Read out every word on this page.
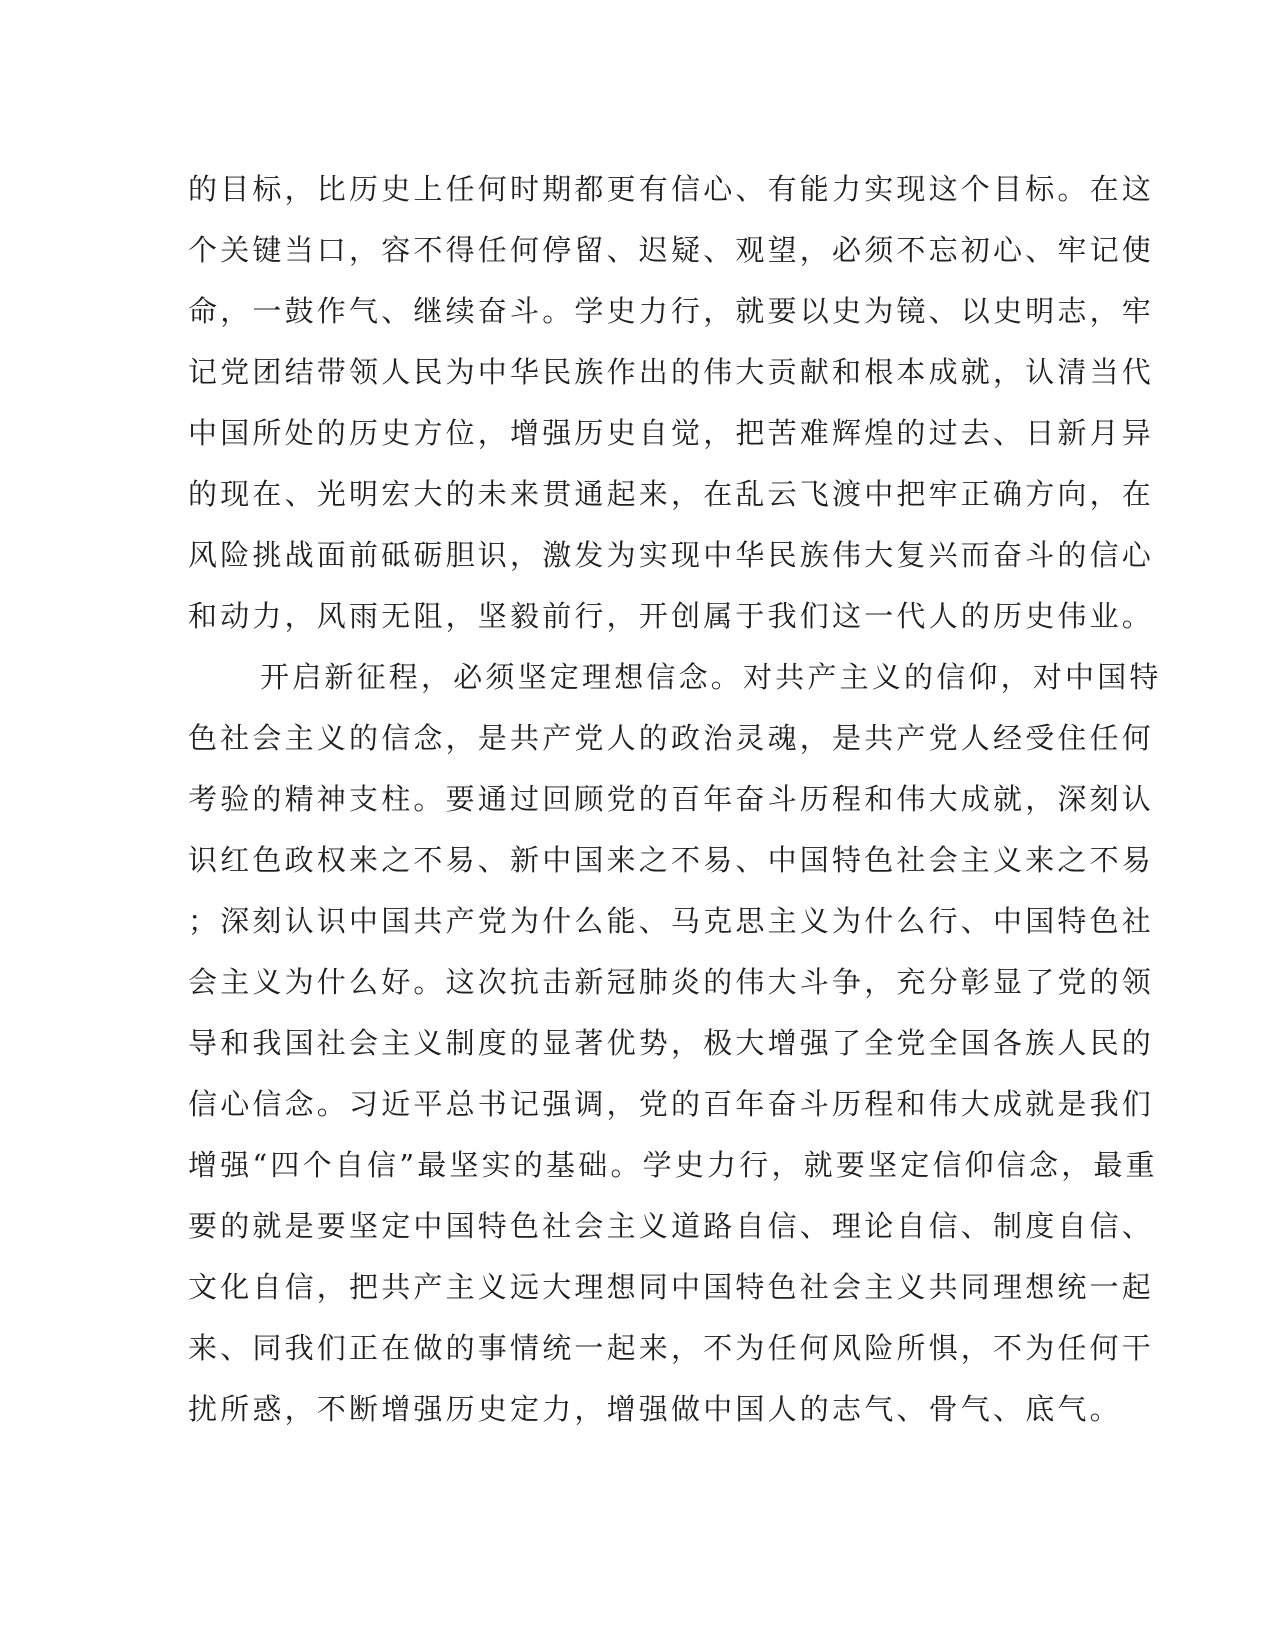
的目标，比历史上任何时期都更有信心、有能力实现这个目标。在这
个关键当口，容不得任何停留、迟疑、观望，必须不忘初心、牢记使
命，一鼓作气、继续奋斗。学史力行，就要以史为镜、以史明志，牢
记党团结带领人民为中华民族作出的伟大贡献和根本成就，认清当代
中国所处的历史方位，增强历史自觉，把苦难辉煌的过去、日新月异
的现在、光明宏大的未来贯通起来，在乱云飞渡中把牢正确方向，在
风险挑战面前砥砺胆识，激发为实现中华民族伟大复兴而奋斗的信心
和动力，风雨无阻，坚毅前行，开创属于我们这一代人的历史伟业。
开启新征程，必须坚定理想信念。对共产主义的信仰，对中国特
色社会主义的信念，是共产党人的政治灵魂，是共产党人经受住任何
考验的精神支柱。要通过回顾党的百年奋斗历程和伟大成就，深刻认
识红色政权来之不易、新中国来之不易、中国特色社会主义来之不易
；深刻认识中国共产党为什么能、马克思主义为什么行、中国特色社
会主义为什么好。这次抗击新冠肺炎的伟大斗争，充分彰显了党的领
导和我国社会主义制度的显著优势，极大增强了全党全国各族人民的
信心信念。习近平总书记强调，党的百年奋斗历程和伟大成就是我们
增强“四个自信”最坚实的基础。学史力行，就要坚定信仰信念，最重
要的就是要坚定中国特色社会主义道路自信、理论自信、制度自信、
文化自信，把共产主义远大理想同中国特色社会主义共同理想统一起
来、同我们正在做的事情统一起来，不为任何风险所惧，不为任何干
扰所惑，不断增强历史定力，增强做中国人的志气、骨气、底气。
